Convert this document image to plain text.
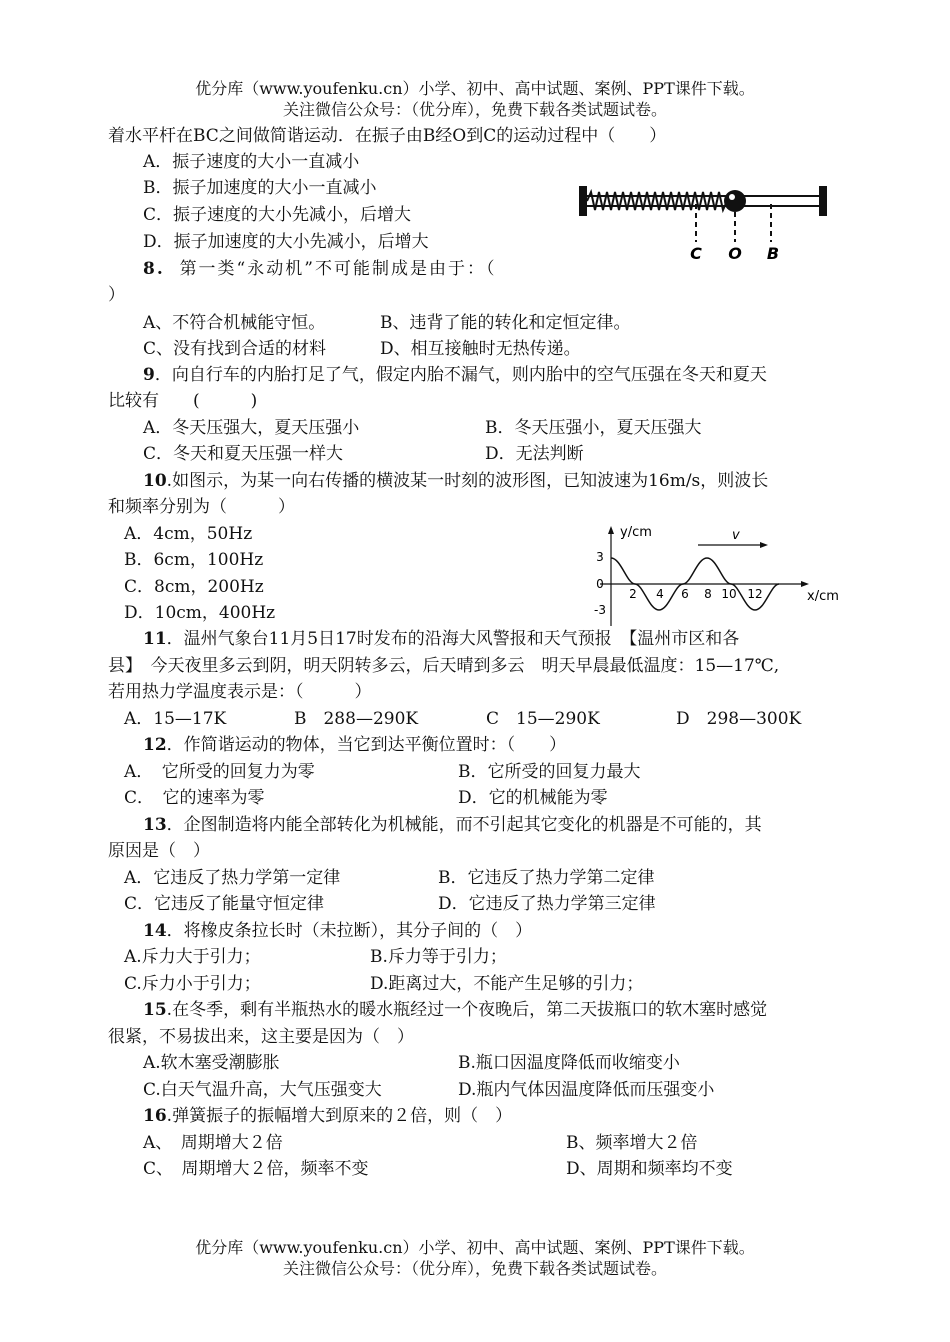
优分库（www.youfenku.cn）小学、初中、高中试题、案例、PPT课件下载。
关注微信公众号：（优分库），免费下载各类试题试卷。
着水平杆在BC之间做简谐运动．在振子由B经O到C的运动过程中（　　）
A．振子速度的大小一直减小
B．振子加速度的大小一直减小
C．振子速度的大小先减小，后增大
D．振子加速度的大小先减小，后增大
C O B
8. 第一类“永动机”不可能制成是由于：（
）
A、不符合机械能守恒。	B、违背了能的转化和定恒定律。
C、没有找到合适的材料	D、相互接触时无热传递。
9．向自行车的内胎打足了气，假定内胎不漏气，则内胎中的空气压强在冬天和夏天
比较有　　(　　　)
A．冬天压强大，夏天压强小	B．冬天压强小，夏天压强大
C．冬天和夏天压强一样大	D．无法判断
10.如图示，为某一向右传播的横波某一时刻的波形图，已知波速为16m/s，则波长
和频率分别为（　　　）
A．4cm，50Hz
B．6cm，100Hz
C．8cm，200Hz
D．10cm，400Hz
y/cm
x/cm
v
3
0
-3
2 4 6 8 10 12
11．温州气象台11月5日17时发布的沿海大风警报和天气预报　【温州市区和各
县】　今天夜里多云到阴，明天阴转多云，后天晴到多云　明天早晨最低温度：15—17℃,
若用热力学温度表示是：（　　　）
A．15—17K	B　288—290K	C　15—290K	D　298—300K
12．作简谐运动的物体，当它到达平衡位置时：（　　）
A．　它所受的回复力为零	B．它所受的回复力最大
C．　它的速率为零	D．它的机械能为零
13．企图制造将内能全部转化为机械能，而不引起其它变化的机器是不可能的，其
原因是（　）
A．它违反了热力学第一定律	B．它违反了热力学第二定律
C．它违反了能量守恒定律	D．它违反了热力学第三定律
14．将橡皮条拉长时（未拉断），其分子间的（　）
A.斥力大于引力；	B.斥力等于引力；
C.斥力小于引力；	D.距离过大，不能产生足够的引力；
15.在冬季，剩有半瓶热水的暖水瓶经过一个夜晚后，第二天拔瓶口的软木塞时感觉
很紧，不易拔出来，这主要是因为（　）
A.软木塞受潮膨胀	B.瓶口因温度降低而收缩变小
C.白天气温升高，大气压强变大	D.瓶内气体因温度降低而压强变小
16.弹簧振子的振幅增大到原来的２倍，则（　）
A、　周期增大２倍	B、频率增大２倍
C、　周期增大２倍，频率不变	D、周期和频率均不变
优分库（www.youfenku.cn）小学、初中、高中试题、案例、PPT课件下载。
关注微信公众号：（优分库），免费下载各类试题试卷。
